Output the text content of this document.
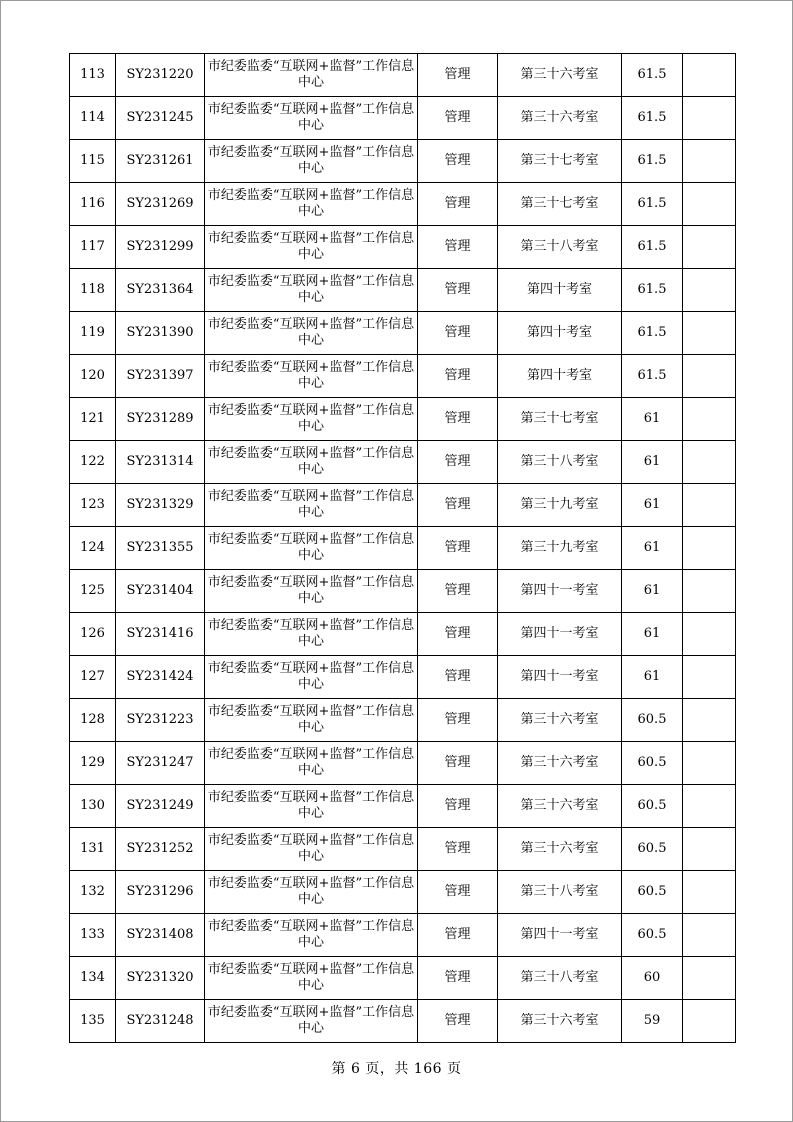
113	SY231220	市纪委监委“互联网+监督”工作信息中心	管理	第三十六考室	61.5	
114	SY231245	市纪委监委“互联网+监督”工作信息中心	管理	第三十六考室	61.5	
115	SY231261	市纪委监委“互联网+监督”工作信息中心	管理	第三十七考室	61.5	
116	SY231269	市纪委监委“互联网+监督”工作信息中心	管理	第三十七考室	61.5	
117	SY231299	市纪委监委“互联网+监督”工作信息中心	管理	第三十八考室	61.5	
118	SY231364	市纪委监委“互联网+监督”工作信息中心	管理	第四十考室	61.5	
119	SY231390	市纪委监委“互联网+监督”工作信息中心	管理	第四十考室	61.5	
120	SY231397	市纪委监委“互联网+监督”工作信息中心	管理	第四十考室	61.5	
121	SY231289	市纪委监委“互联网+监督”工作信息中心	管理	第三十七考室	61	
122	SY231314	市纪委监委“互联网+监督”工作信息中心	管理	第三十八考室	61	
123	SY231329	市纪委监委“互联网+监督”工作信息中心	管理	第三十九考室	61	
124	SY231355	市纪委监委“互联网+监督”工作信息中心	管理	第三十九考室	61	
125	SY231404	市纪委监委“互联网+监督”工作信息中心	管理	第四十一考室	61	
126	SY231416	市纪委监委“互联网+监督”工作信息中心	管理	第四十一考室	61	
127	SY231424	市纪委监委“互联网+监督”工作信息中心	管理	第四十一考室	61	
128	SY231223	市纪委监委“互联网+监督”工作信息中心	管理	第三十六考室	60.5	
129	SY231247	市纪委监委“互联网+监督”工作信息中心	管理	第三十六考室	60.5	
130	SY231249	市纪委监委“互联网+监督”工作信息中心	管理	第三十六考室	60.5	
131	SY231252	市纪委监委“互联网+监督”工作信息中心	管理	第三十六考室	60.5	
132	SY231296	市纪委监委“互联网+监督”工作信息中心	管理	第三十八考室	60.5	
133	SY231408	市纪委监委“互联网+监督”工作信息中心	管理	第四十一考室	60.5	
134	SY231320	市纪委监委“互联网+监督”工作信息中心	管理	第三十八考室	60	
135	SY231248	市纪委监委“互联网+监督”工作信息中心	管理	第三十六考室	59	
第 6 页，共 166 页
